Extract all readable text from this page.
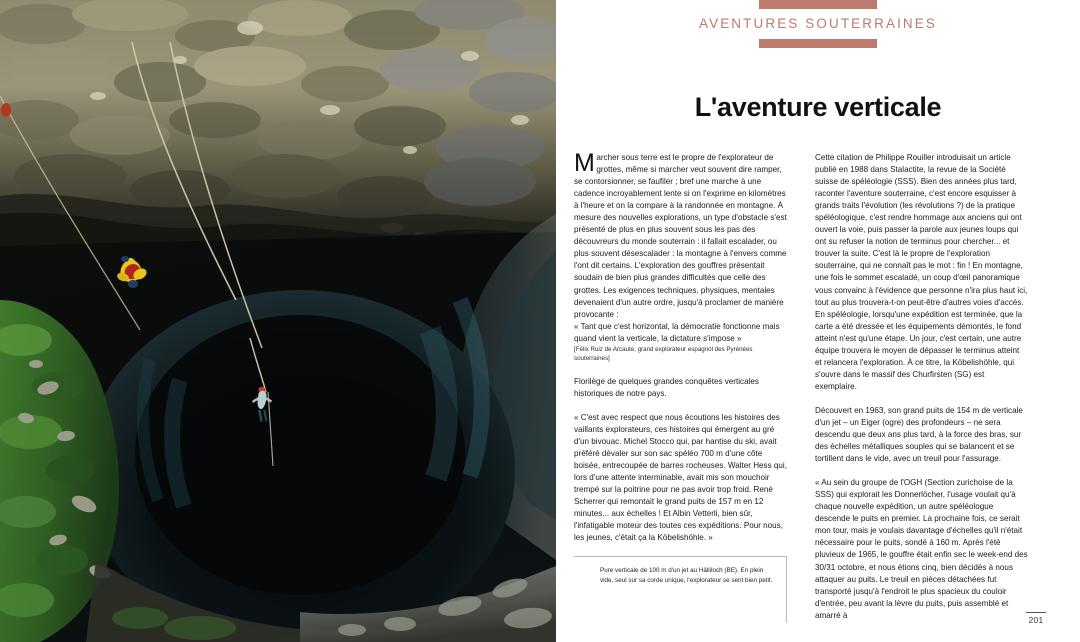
AVENTURES SOUTERRAINES
L'aventure verticale

Marcher sous terre est le propre de l'explorateur de grottes, même si marcher veut souvent dire ramper, se contorsionner, se faufiler ; bref une marche à une cadence incroyablement lente si on l'exprime en kilomètres à l'heure et on la compare à la randonnée en montagne. À mesure des nouvelles explorations, un type d'obstacle s'est présenté de plus en plus souvent sous les pas des découvreurs du monde souterrain : il fallait escalader, ou plus souvent désescalader : la montagne à l'envers comme l'ont dit certains. L'exploration des gouffres présentait soudain de bien plus grandes difficultés que celle des grottes. Les exigences techniques, physiques, mentales devenaient d'un autre ordre, jusqu'à proclamer de manière provocante :

« Tant que c'est horizontal, la démocratie fonctionne mais quand vient la verticale, la dictature s'impose »

[Félix Ruiz de Arcaute, grand explorateur espagnol des Pyrénées souterraines]

Florilège de quelques grandes conquêtes verticales historiques de notre pays.

« C'est avec respect que nous écoutions les histoires des vaillants explorateurs, ces histoires qui émergent au gré d'un bivouac. Michel Stocco qui, par hantise du ski, avait préféré dévaler sur son sac spéléo 700 m d'une côte boisée, entrecoupée de barres rocheuses. Walter Hess qui, lors d'une attente interminable, avait mis son mouchoir trempé sur la poitrine pour ne pas avoir trop froid. René Scherrer qui remontait le grand puits de 157 m en 12 minutes... aux échelles ! Et Albin Vetterli, bien sûr, l'infatigable moteur des toutes ces expéditions. Pour nous, les jeunes, c'était ça la Köbelishöhle. »

Cette citation de Philippe Rouiller introduisait un article publié en 1988 dans Stalactite, la revue de la Société suisse de spéléologie (SSS). Bien des années plus tard, raconter l'aventure souterraine, c'est encore esquisser à grands traits l'évolution (les révolutions ?) de la pratique spéléologique, c'est rendre hommage aux anciens qui ont ouvert la voie, puis passer la parole aux jeunes loups qui ont su refuser la notion de terminus pour chercher... et trouver la suite. C'est là le propre de l'exploration souterraine, qui ne connaît pas le mot : fin ! En montagne, une fois le sommet escaladé, un coup d'œil panoramique vous convainc à l'évidence que personne n'ira plus haut ici, tout au plus trouvera-t-on peut-être d'autres voies d'accès. En spéléologie, lorsqu'une expédition est terminée, que la carte a été dressée et les équipements démontés, le fond atteint n'est qu'une étape. Un jour, c'est certain, une autre équipe trouvera le moyen de dépasser le terminus atteint et relancera l'exploration. À ce titre, la Köbelishöhle, qui s'ouvre dans le massif des Churfirsten (SG) est exemplaire.

Découvert en 1963, son grand puits de 154 m de verticale d'un jet – un Eiger (ogre) des profondeurs – ne sera descendu que deux ans plus tard, à la force des bras, sur des échelles métalliques souples qui se balancent et se tortillent dans le vide, avec un treuil pour l'assurage.

« Au sein du groupe de l'OGH (Section zurichoise de la SSS) qui explorait les Donnerlöcher, l'usage voulait qu'à chaque nouvelle expédition, un autre spéléologue descende le puits en premier. La prochaine fois, ce serait mon tour, mais je voulais davantage d'échelles qu'il n'était nécessaire pour le puits, sondé à 160 m. Après l'été pluvieux de 1965, le gouffre était enfin sec le week-end des 30/31 octobre, et nous étions cinq, bien décidés à nous attaquer au puits. Le treuil en pièces détachées fut transporté jusqu'à l'endroit le plus spacieux du couloir d'entrée, peu avant la lèvre du puits, puis assemblé et amarré à

Pure verticale de 100 m d'un jet au Hälliloch (BE). En plein vide, seul sur sa corde unique, l'explorateur se sent bien petit.
201
